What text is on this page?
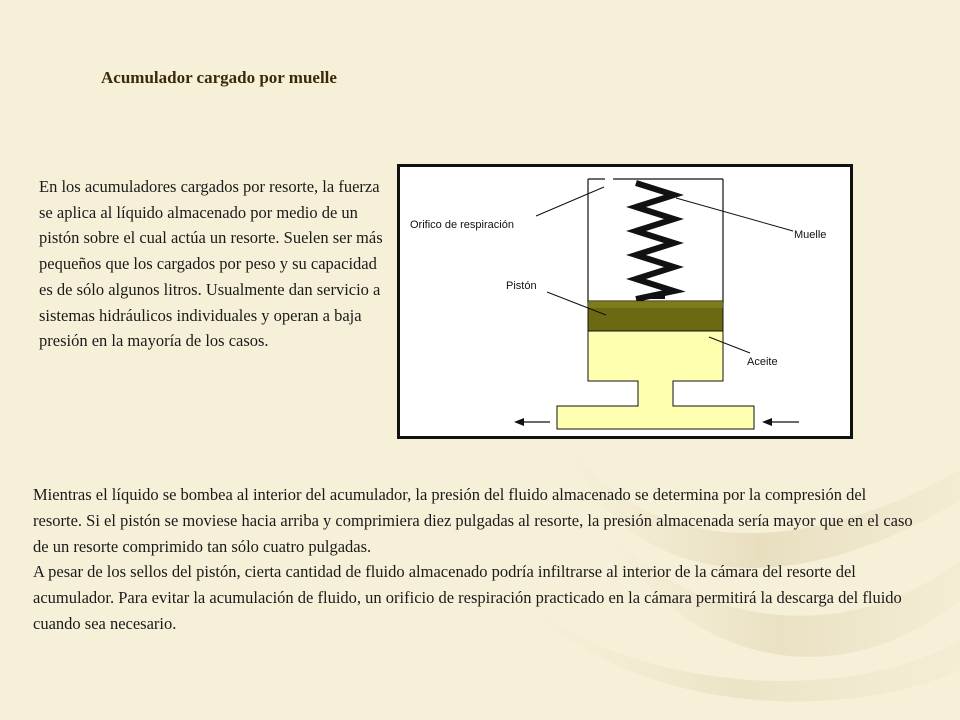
Acumulador cargado por muelle
En los acumuladores cargados por resorte, la fuerza se aplica al líquido almacenado por medio de un pistón sobre el cual actúa un resorte. Suelen ser más pequeños que los cargados por peso y su capacidad es de sólo algunos litros. Usualmente dan servicio a sistemas hidráulicos individuales y operan a baja presión en la mayoría de los casos.
Orifico de respiración
Muelle
Pistón
Aceite

Mientras el líquido se bombea al interior del acumulador, la presión del fluido almacenado se determina por la compresión del resorte. Si el pistón se moviese hacia arriba y comprimiera diez pulgadas al resorte, la presión almacenada sería mayor que en el caso de un resorte comprimido tan sólo cuatro pulgadas.

A pesar de los sellos del pistón, cierta cantidad de fluido almacenado podría infiltrarse al interior de la cámara del resorte del acumulador. Para evitar la acumulación de fluido, un orificio de respiración practicado en la cámara permitirá la descarga del fluido cuando sea necesario.
